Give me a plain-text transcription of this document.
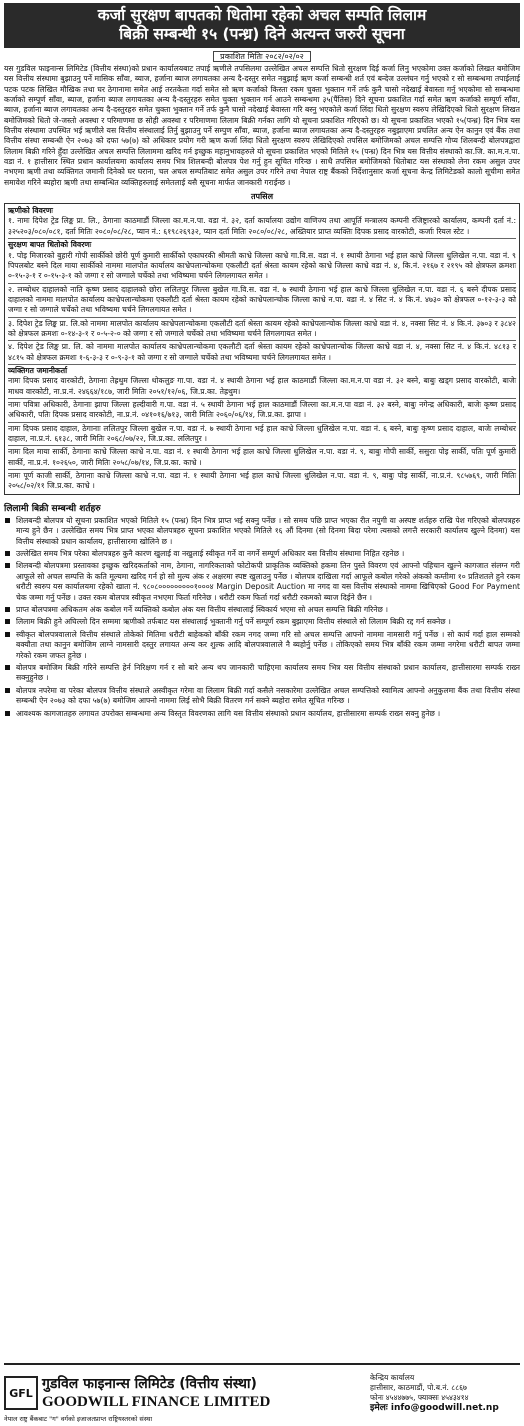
कर्जा सुरक्षण बापतको धितोमा रहेको अचल सम्पति लिलाम
बिक्री सम्बन्धी १५ (पन्ध्र) दिने अत्यन्त जरुरी सूचना
प्रकाशित मितिः २०८२/०२/०२

यस गुडविल फाइनान्स लिमिटेड (वित्तीय संस्था)को प्रधान कार्यालयबाट तपाई ऋणीले तपसिलमा उल्लेखित अचल सम्पत्ति धितो सुरक्षण दिई कर्जा लिनु भएकोमा उक्त कर्जाको लिखत बमोजिम यस वित्तीय संस्थामा बुझाउनु पर्ने मासिक साँवा, ब्याज, हर्जाना ब्याज लगायतका अन्य दै-दस्तुर समेत नबुझाई ऋण कर्जा सम्बन्धी शर्त एवं बन्देज उल्लंघन गर्नु भएको र सो सम्बन्धमा तपाईलाई पटक पटक लिखित मौखिक तथा घर ठेगानामा समेत आई तरतकेता गर्दा समेत सो ऋण कर्जाको किस्ता रकम चुक्ता भुक्तान गर्ने तर्फ कुनै चासो नदेखाई बेवास्ता गर्नु भएकोमा सो सम्बन्धमा कर्जाको सम्पूर्ण साँवा, ब्याज, हर्जाना ब्याज लगायतका अन्य दै-दस्तुरहरु समेत चुक्ता भुक्तान गर्न आउने सम्बन्धमा ३५(पैंतिस) दिने सूचना प्रकाशित गर्दा समेत ऋण कर्जाको सम्पूर्ण साँवा, ब्याज, हर्जाना ब्याज लगायतका अन्य दै-दस्तुरहरु समेत चुक्ता भुक्तान गर्ने तर्फ कुनै चासो नदेखाई बेवास्ता गरि बस्नु भएकोले कर्जा लिंदा धितो सुरक्षण स्वरुप लेखिदिएको धितो सुरक्षण लिखत बमोजिमको धितो जे-जस्तो अवस्था र परिमाणमा छ सोही अवस्था र परिमाणमा लिलाम बिक्री गर्नका लागि यो सूचना प्रकाशित गरिएको छ। यो सूचना प्रकाशित भएको १५(पन्ध्र) दिन भित्र यस वित्तीय संस्थामा उपस्थित भई ऋणीले यस वित्तीय संस्थालाई तिर्नु बुझाउनु पर्ने सम्पुण साँवा, ब्याज, हर्जाना ब्याज लगायतका अन्य दै-दस्तुरहरु नबुझाएमा प्रचलित अन्य ऐन कानुन एवं बैंक तथा वित्तीय संस्था सम्बन्धी ऐन २०७३ को दफा ५७(७) को अधिकार प्रयोग गरी ऋण कर्जा लिंदा धितो सुरक्षण स्वरुप लेखिदिएको तपसिल बमोजिमको अचल सम्पत्ति गोप्य शिलबन्दी बोलपत्रद्वारा लिलाम बिक्री गरिने हुँदा उल्लेखित अचल सम्पत्ति लिलाममा खरिद गर्न इच्छुक महानुभावहरुले यो सूचना प्रकाशित भएको मितिले १५ (पन्ध्र) दिन भित्र यस वित्तीय संस्थाको का.जि. का.म.न.पा. वडा नं. १ हात्तीसार स्थित प्रधान कार्यालयमा कार्यालय समय भित्र शिलबन्दी बोलपत्र पेश गर्नु हुन सूचित गरिन्छ । साथै तपसिल बमोजिमको धितोबाट यस संस्थाको लेना रकम असुल उपर नभएमा ऋणी तथा व्यक्तिगत जमानी दिनेको घर घराना, चल अचल सम्पतिबाट समेत असुल उपर गरिने तथा नेपाल राष्ट्र बैंकको निर्देशानुसार कर्जा सूचना केन्द्र लिमिटेडको कालो सूचीमा समेत समावेश गरिने ब्यहोरा ऋणी तथा सम्बन्धित व्यक्तिहरुलाई समेतलाई यसै सूचना मार्फत जानकारी गराईन्छ ।

तपसिल
ऋणीको विवरणः
१. नामः दिपेश ट्रेड लिङ्क प्रा. लि., ठेगानाः काठमाडौं जिल्ला का.म.न.पा. वडा नं. ३२, दर्ता कार्यालयः उद्योग वाणिज्य तथा आपूर्ति मन्त्रालय कम्पनी रजिष्ट्रारको कार्यालय, कम्पनी दर्ता नं.: ३२५२०३/०८०/०८१, दर्ता मितिः २०८०/०८/२८, प्यान नं.: ६१९८२६९३२, प्यान दर्ता मितिः २०८०/०८/२८, अख्तियार प्राप्त व्यक्तिः दिपक प्रसाद वारकोटी, कर्जाः रियल स्टेट ।
सुरक्षण बापत धितोको विवरणः
१. पोइ मिजारको बुहारी गोपी सार्कीको छोरी पूर्ण कुमारी सार्कीको एकाघरकी श्रीमती काभ्रे जिल्ला काभ्रे गा.वि.स. वडा नं. १ स्थायी ठेगाना भई हाल काभ्रे जिल्ला धुलिखेल न.पा. वडा नं. ९ पिपलबोट बस्ने दिल माया सार्कीको नाममा मालपोत कार्यालय काभ्रेपलान्चोकमा एकलौटी दर्ता श्रेस्ता कायम रहेको काभ्रे जिल्ला काभ्रे वडा नं. ४, कि.नं. २१६७ र २१९५ को क्षेत्रफल क्रमशः ०-१५-३-१ र ०-१५-३-१ को जग्गा र सो जग्गाले चर्चेको तथा भविष्यमा चर्चने लिगलगायत समेत ।
२. लम्बोधर दाहालको नाति कृष्ण प्रसाद दाहालको छोरा ललितपुर जिल्ला बुखेल गा.वि.स. वडा नं. ७ स्थायी ठेगाना भई हाल काभ्रे जिल्ला धुलिखेल न.पा. वडा नं. ६ बस्ने दीपक प्रसाद दाहालको नाममा मालपोत कार्यालय काभ्रेपलान्चोकमा एकलौटी दर्ता श्रेस्ता कायम रहेको काभ्रेपलान्चोक जिल्ला काभ्रे न.पा. वडा नं. ४ सिट नं. ४ कि.नं. ४७३० को क्षेत्रफल ०-१२-३-३ को जग्गा र सो जग्गाले चर्चेको तथा भविष्यमा चर्चने लिगलगायत समेत ।
३. दिपेश ट्रेड लिङ्क प्रा. लि.को नाममा मालपोत कार्यालय काभ्रेपलान्चोकमा एकलौटी दर्ता श्रेस्ता कायम रहेको काभ्रेपलान्चोक जिल्ला काभ्रे वडा नं. ४, नक्सा सिट नं. ४ कि.नं. ३७०३ र ३८४२ को क्षेत्रफल क्रमशः ०-१४-३-१ र ०-५-२-० को जग्गा र सो जग्गाले चर्चेको तथा भविष्यमा चर्चने लिगलगायत समेत ।
४. दिपेश ट्रेड लिङ्क प्रा. लि. को नाममा मालपोत कार्यालय काभ्रेपलान्चोकमा एकलौटी दर्ता श्रेस्ता कायम रहेको काभ्रेपलान्चोक जिल्ला काभ्रे वडा नं. ४, नक्सा सिट नं. ४ कि.नं. ४८१३ र ४८१५ को क्षेत्रफल क्रमशः १-६-३-३ र ०-९-३-१ को जग्गा र सो जग्गाले चर्चेको तथा भविष्यमा चर्चने लिगलगायत समेत ।
व्यक्तिगत जमानीकर्ता
नामः दिपक प्रसाद वारकोटी, ठेगानाः तेह्रथुम जिल्ला थोकलुङ गा.पा. वडा नं. ४ स्थायी ठेगाना भई हाल काठमाडौं जिल्ला का.म.न.पा वडा नं. ३२ बस्ने, बाबुः खड्ग प्रसाद वारकोटी, बाजेः माधव वारकोटी, ना.प्र.नं. २४६६४/१८७, जारी मितिः २०५१/१२/०६, जि.प्र.का. तेह्रथुम।
नामः पवित्रा अधिकारी, ठेगानाः झापा जिल्ला हल्दीवारी ग.पा. वडा नं. ५ स्थायी ठेगाना भई हाल काठमाडौं जिल्ला का.म.न.पा वडा नं. ३२ बस्ने, बाबुः नगेन्द्र अधिकारी, बाजेः कृष्ण प्रसाद अधिकारी, पतिः दिपक प्रसाद वारकोटी, ना.प्र.नं. ०४१०१६/७१३, जारी मितिः २०६०/०६/१४, जि.प्र.का. झापा ।
नामः दिपक प्रसाद दाहाल, ठेगानाः ललितपुर जिल्ला बुखेल न.पा. वडा नं. ७ स्थायी ठेगाना भई हाल काभ्रे जिल्ला धुलिखेल न.पा. वडा नं. ६ बस्ने, बाबुः कृष्ण प्रसाद दाहाल, बाजेः लम्बोधर दाहाल, ना.प्र.नं. ६१३८, जारी मितिः २०६८/०७/२२, जि.प्र.का. ललितपुर ।
नामः दिल माया सार्की, ठेगानाः काभ्रे जिल्ला काभ्रे न.पा. वडा नं. १ स्थायी ठेगाना भई हाल काभ्रे जिल्ला धुलिखेल न.पा. वडा नं. ९, बाबुः गोपी सार्की, ससुराः पोइ सार्की, पतिः पूर्ण कुमारी सार्की, ना.प्र.नं. १०२६५०, जारी मितिः २०५८/०७/१४, जि.प्र.का. काभ्रे ।
नामः पूर्ण काजी सार्की, ठेगानाः काभ्रे जिल्ला काभ्रे न.पा. वडा नं. १ स्थायी ठेगाना भई हाल काभ्रे जिल्ला धुलिखेल न.पा. वडा नं. ९, बाबुः पोइ सार्की, ना.प्र.नं. ९८५७६९, जारी मितिः २०५८/०२/११ जि.प्र.का. काभ्रे ।
लिलामी बिक्री सम्बन्धी शर्तहरु
शिलबन्दी बोलपत्र यो सूचना प्रकाशित भएको मितिले १५ (पन्ध्र) दिन भित्र प्राप्त भई सक्नु पर्नेछ । सो समय पछि प्राप्त भएका रीत नपुगी वा अस्पष्ट शर्तहरु राखि पेश गरिएको बोलपत्रहरु मान्य हुने छैन । उल्लेखित समय भित्र प्राप्त भएका बोलपत्रहरु सूचना प्रकाशित भएको मितिले १६ औं दिनमा (सो दिनमा बिदा परेमा त्यसको लगत्तै सरकारी कार्यालय खुल्ने दिनमा) यस वित्तीय संस्थाको प्रधान कार्यालय, हात्तीसारमा खोलिने छ ।
उल्लेखित समय भित्र परेका बोलपत्रहरु कुनै कारण खुलाई वा नखुलाई स्वीकृत गर्ने वा नगर्ने सम्पूर्ण अधिकार यस वित्तीय संस्थामा निहित रहनेछ ।
शिलबन्दी बोलपत्रमा प्रस्तावका इच्छुक खरिदकर्ताको नाम, ठेगाना, नागरिकताको फोटोकपी प्राकृतिक व्यक्तिको हकमा तिन पुस्ते विवरण एवं आफ्नो पहिचान खुल्ने कागजात संलग्न गरी आफूले सो अचल सम्पत्ति के कति मूल्यमा खरिद गर्न हो सो मुल्य अंक र अक्षरमा स्पष्ट खुलाउनु पर्नेछ । बोलपत्र दाखिला गर्दा आफूले कबोल गरेको अंकको कम्तीमा १० प्रतिशतले हुने रकम धरौटी स्वरुप यस कार्यालयमा रहेको खाता नं. ९८०८०००००००००१०००४ Margin Deposit Auction मा नगद वा यस वित्तीय संस्थाको नाममा खिचिएको Good For Payment चेक जम्मा गर्नु पर्नेछ । उक्त रकम बोलपत्र स्वीकृत नभएमा फिर्ता गरिनेछ । धरौटी रकम फिर्ता गर्दा धरौटी रकमको ब्याज दिईने छैन ।
प्राप्त बोलपत्रमा अधिकतम अंक कबोल गर्ने व्यक्तिको कबोल अंक यस वित्तीय संस्थालाई स्विकार्य भएमा सो अचल सम्पत्ति बिक्री गरिनेछ ।
लिलाम बिक्री हुने अघिल्लो दिन सम्ममा ऋणीको तर्फबाट यस संस्थालाई भुक्तानी गर्नु पर्ने सम्पूर्ण रकम बुझाएमा वित्तीय संस्थाले सो लिलाम बिक्री रद्द गर्न सक्नेछ ।
स्वीकृत बोलपत्रवालाले वित्तीय संस्थाले तोकेको मितिमा धरौटी बाहेकको बाँकी रकम नगद जम्मा गरि सो अचल सम्पत्ति आफ्नो नाममा नामसारी गर्नु पर्नेछ । सो कार्य गर्दा हाल सम्मको बक्यौता तथा कानुन बमोजिम लाग्ने नामसारी दस्तुर लगायत अन्य कर शुल्क आदि बोलपत्रवालाले नै ब्यहोर्नु पर्नेछ । तोकिएको समय भित्र बाँकी रकम जम्मा नगरेमा धरौटी बापत जम्मा गरेको रकम जफत हुनेछ ।
बोलपत्र बमोजिम बिक्री गरिने सम्पत्ति हेर्न निरिक्षण गर्न र सो बारे अन्य थप जानकारी चाहिएमा कार्यालय समय भित्र यस वित्तीय संस्थाको प्रधान कार्यालय, हात्तीसारमा सम्पर्क राख्न सक्नुहुनेछ ।
बोलपत्र नपरेमा वा परेका बोलपत्र वित्तीय संस्थाले अस्वीकृत गरेमा वा लिलाम बिक्री गर्दा कसैले नसकारेमा उल्लेखित अचल सम्पत्तिको स्वामित्व आफ्नो अनुकुलमा बैंक तथा वित्तीय संस्था सम्बन्धी ऐन २०७३ को दफा ५७(७) बमोजिम आफ्नो नाममा लिई सोभै बिक्री वितरण गर्न सक्ने ब्यहोरा समेत सूचित गरिन्छ ।
आवश्यक कागजातहरु लगायत उपरोक्त सम्बन्धमा अन्य विस्तृत विवरणका लागि यस वित्तीय संस्थाको प्रधान कार्यालय, हात्तीसारमा सम्पर्क राख्न सक्नु हुनेछ ।
GFL
गुडविल फाइनान्स लिमिटेड (वित्तीय संस्था)
GOODWILL FINANCE LIMITED
केन्द्रिय कार्यालय
हात्तीसार, काठमाडौं, पो.ब.नं. ८८६७
फोनः ४५४४७७५, फ्याक्सः ४५४३४१४
इमेलः info@goodwill.net.np
नेपाल राष्ट्र बैंकबाट "ग" वर्गको इजाजतप्राप्त राष्ट्रियस्तरको संस्था
